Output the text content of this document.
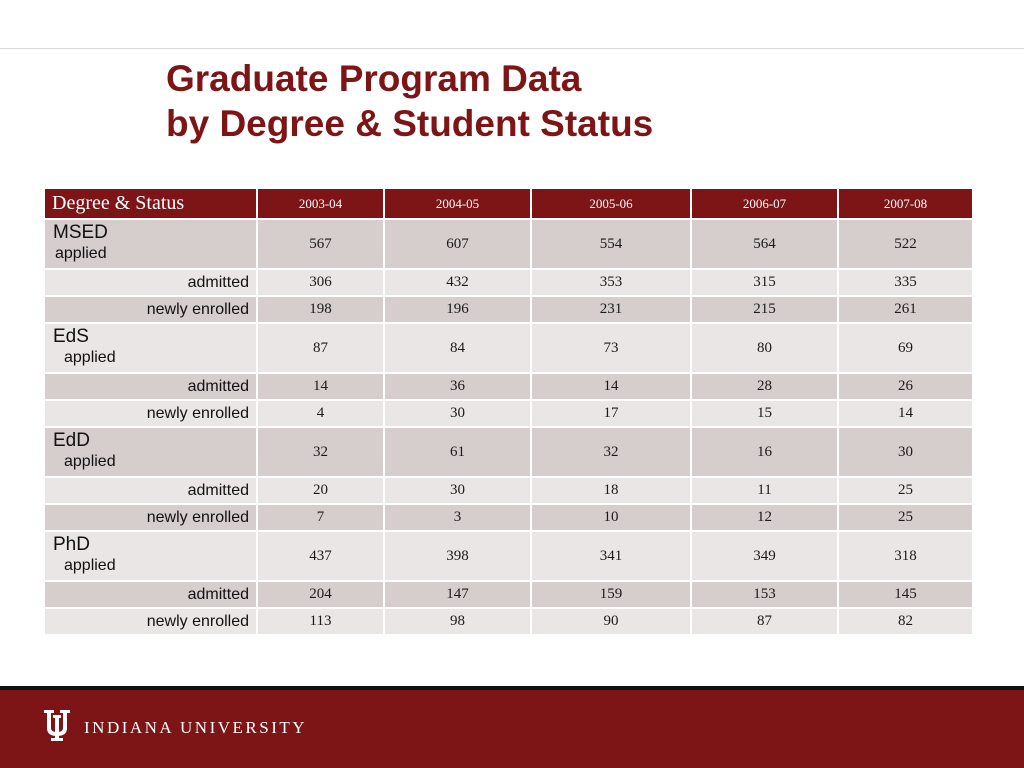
Graduate Program Data
by Degree & Student Status
Degree & Status	2003-04	2004-05	2005-06	2006-07	2007-08

MSED
applied	567	607	554	564	522
admitted	306	432	353	315	335
newly enrolled	198	196	231	215	261

EdS
applied	87	84	73	80	69
admitted	14	36	14	28	26
newly enrolled	4	30	17	15	14

EdD
applied	32	61	32	16	30
admitted	20	30	18	11	25
newly enrolled	7	3	10	12	25

PhD
applied	437	398	341	349	318
admitted	204	147	159	153	145
newly enrolled	113	98	90	87	82
INDIANA UNIVERSITY
